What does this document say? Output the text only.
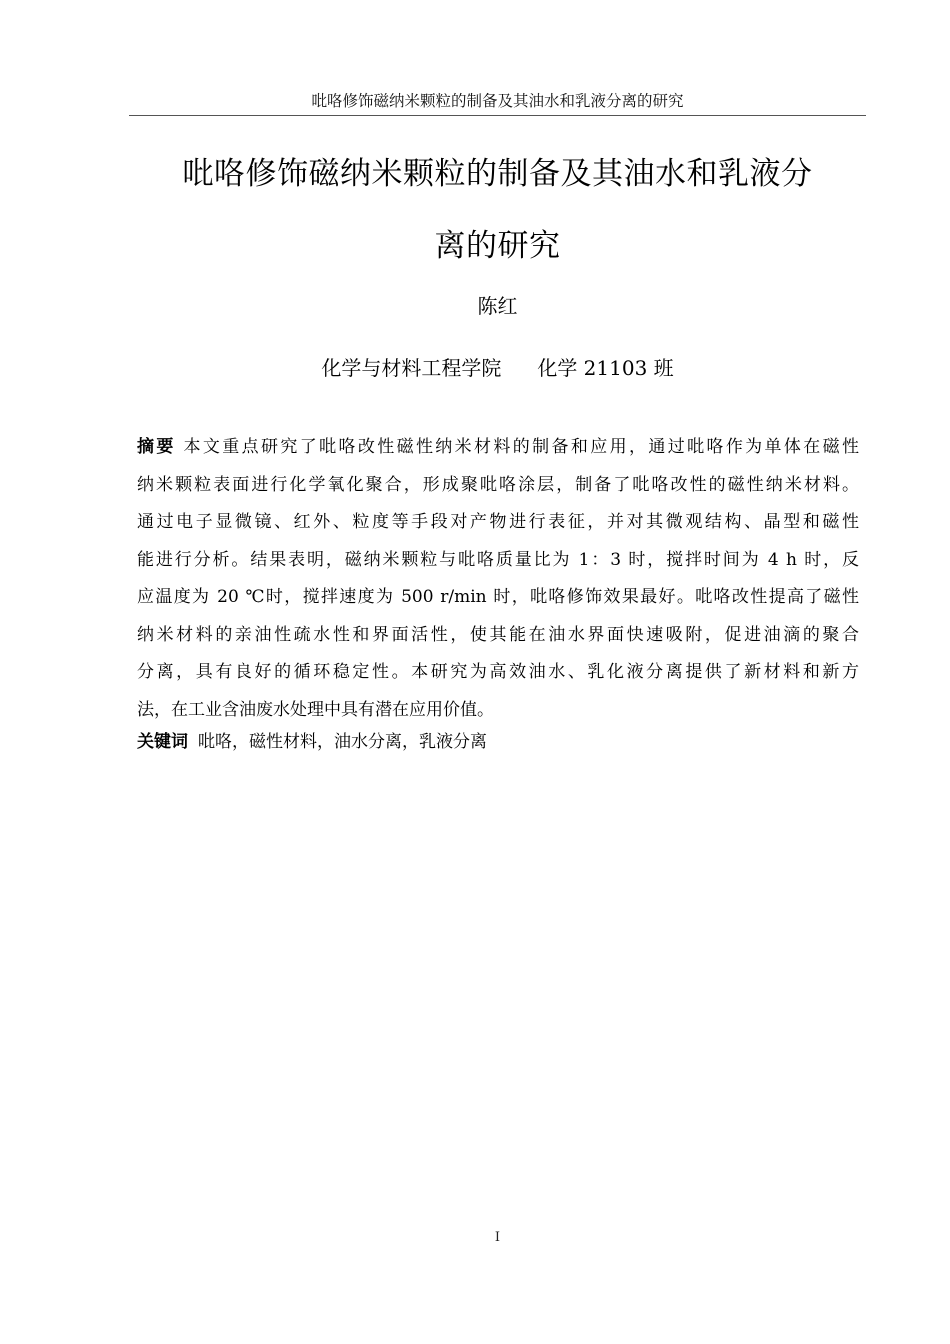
吡咯修饰磁纳米颗粒的制备及其油水和乳液分离的研究
吡咯修饰磁纳米颗粒的制备及其油水和乳液分
离的研究
陈红
化学与材料工程学院 化学 21103 班
摘要 本文重点研究了吡咯改性磁性纳米材料的制备和应用，通过吡咯作为单体在磁性
纳米颗粒表面进行化学氧化聚合，形成聚吡咯涂层，制备了吡咯改性的磁性纳米材料。
通过电子显微镜、红外、粒度等手段对产物进行表征，并对其微观结构、晶型和磁性
能进行分析。结果表明，磁纳米颗粒与吡咯质量比为 1：3 时，搅拌时间为 4 h 时，反
应温度为 20 ℃时，搅拌速度为 500 r/min 时，吡咯修饰效果最好。吡咯改性提高了磁性
纳米材料的亲油性疏水性和界面活性，使其能在油水界面快速吸附，促进油滴的聚合
分离，具有良好的循环稳定性。本研究为高效油水、乳化液分离提供了新材料和新方
法，在工业含油废水处理中具有潜在应用价值。
关键词 吡咯，磁性材料，油水分离，乳液分离
I
